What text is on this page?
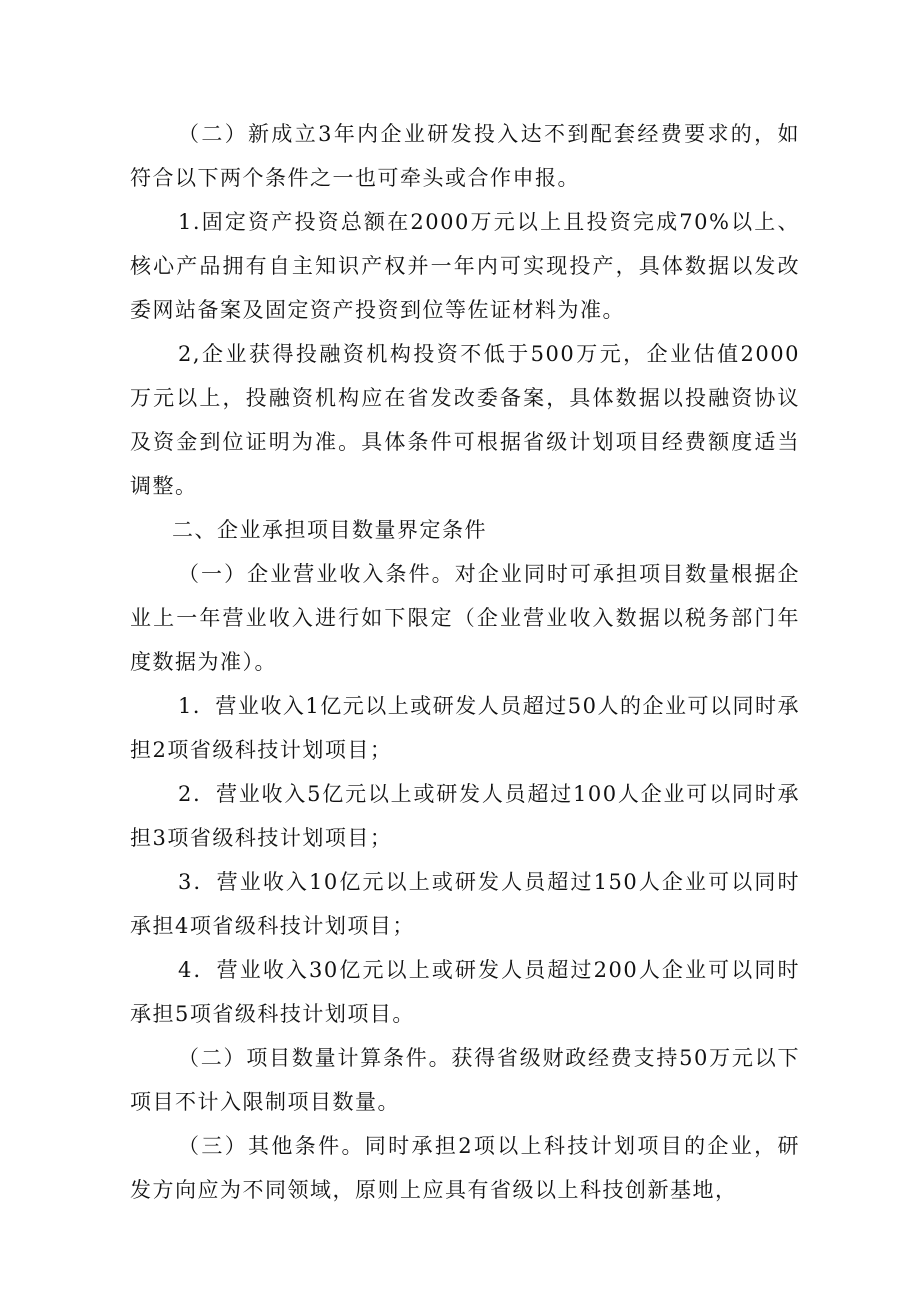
（二）新成立3年内企业研发投入达不到配套经费要求的，如符合以下两个条件之一也可牵头或合作申报。

1.固定资产投资总额在2000万元以上且投资完成70%以上、核心产品拥有自主知识产权并一年内可实现投产，具体数据以发改委网站备案及固定资产投资到位等佐证材料为准。

2,企业获得投融资机构投资不低于500万元，企业估值2000万元以上，投融资机构应在省发改委备案，具体数据以投融资协议及资金到位证明为准。具体条件可根据省级计划项目经费额度适当调整。

二、企业承担项目数量界定条件

（一）企业营业收入条件。对企业同时可承担项目数量根据企业上一年营业收入进行如下限定（企业营业收入数据以税务部门年度数据为准）。

1．营业收入1亿元以上或研发人员超过50人的企业可以同时承担2项省级科技计划项目；

2．营业收入5亿元以上或研发人员超过100人企业可以同时承担3项省级科技计划项目；

3．营业收入10亿元以上或研发人员超过150人企业可以同时承担4项省级科技计划项目；

4．营业收入30亿元以上或研发人员超过200人企业可以同时承担5项省级科技计划项目。

（二）项目数量计算条件。获得省级财政经费支持50万元以下项目不计入限制项目数量。

（三）其他条件。同时承担2项以上科技计划项目的企业，研发方向应为不同领域，原则上应具有省级以上科技创新基地，
